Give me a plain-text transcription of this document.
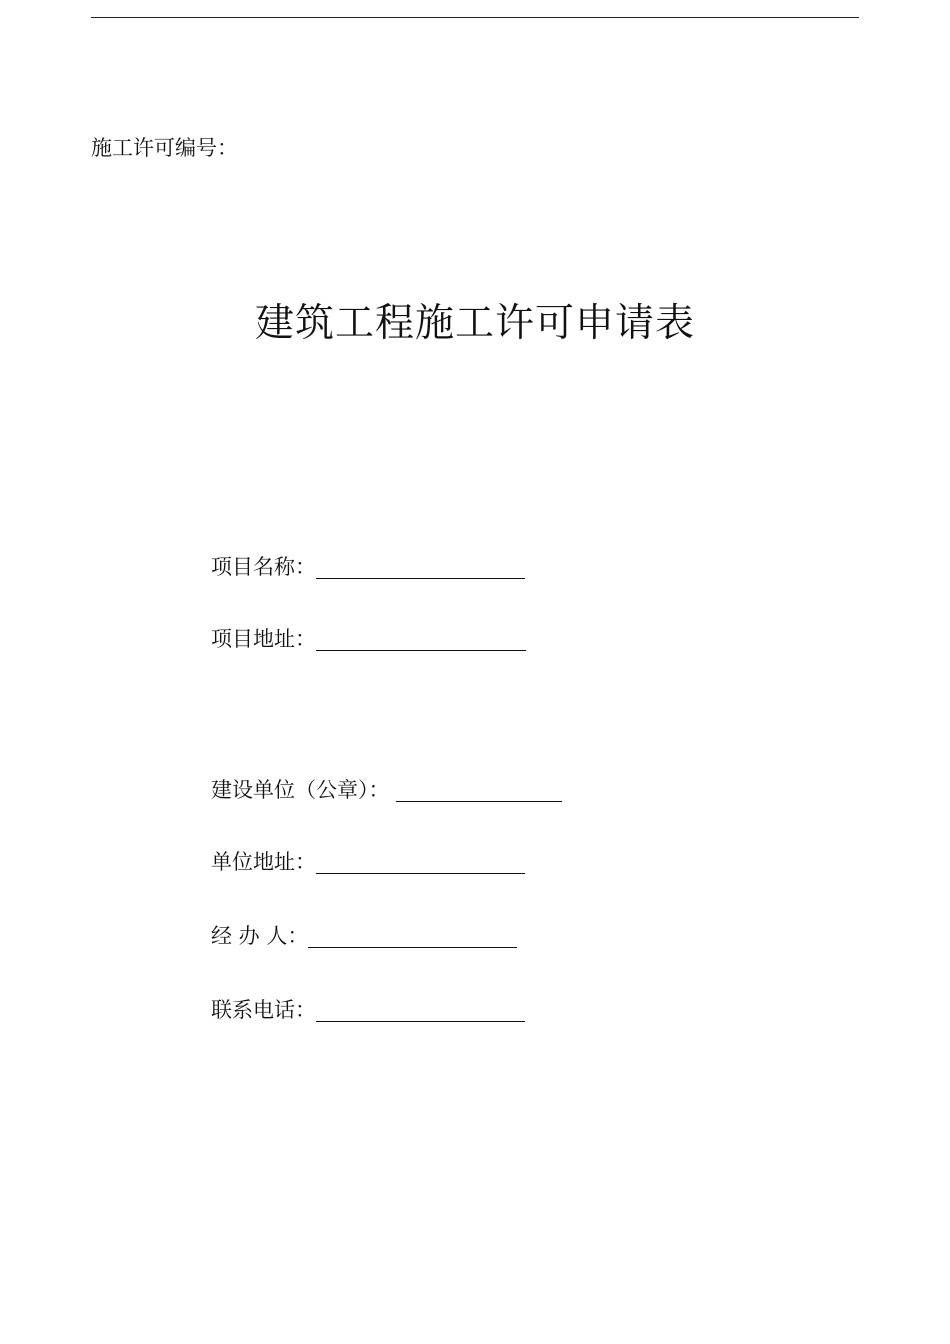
施工许可编号：
建筑工程施工许可申请表
项目名称：
项目地址：
建设单位（公章）：
单位地址：
经 办 人：
联系电话：
